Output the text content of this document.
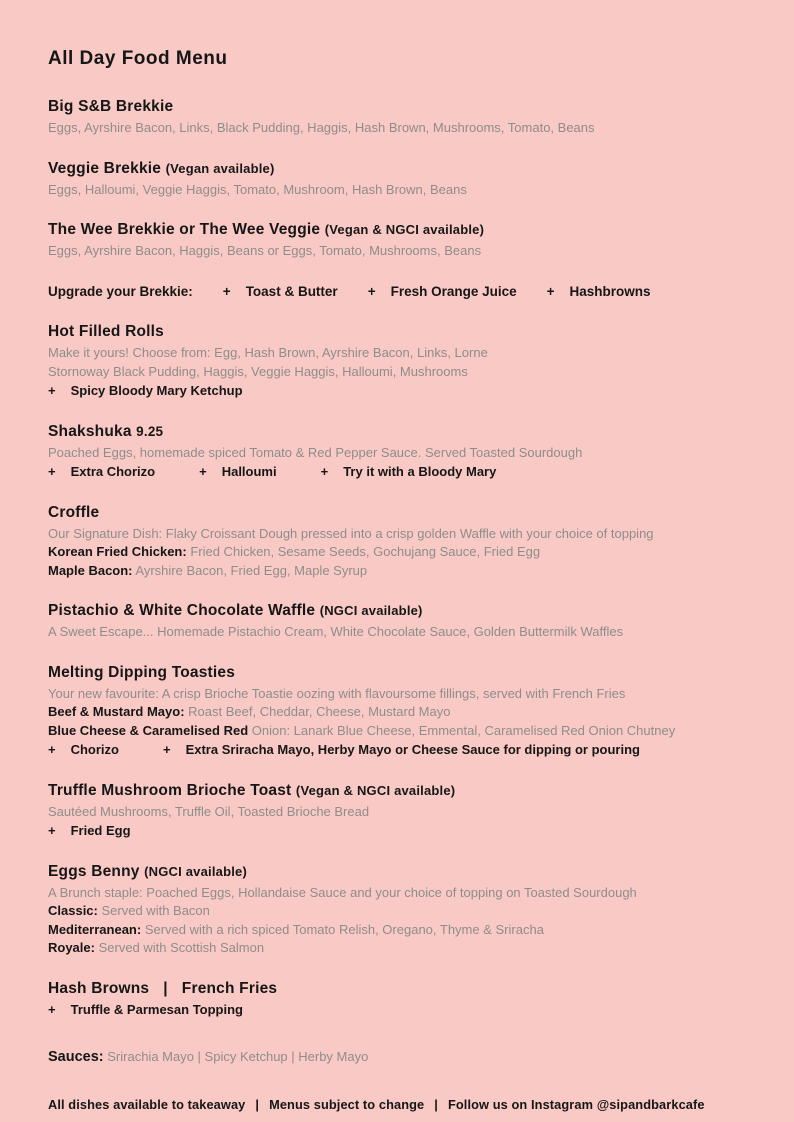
All Day Food Menu
Big S&B Brekkie

Eggs, Ayrshire Bacon, Links, Black Pudding, Haggis, Hash Brown, Mushrooms, Tomato, Beans

Veggie Brekkie (Vegan available)

Eggs, Halloumi, Veggie Haggis, Tomato, Mushroom, Hash Brown, Beans

The Wee Brekkie or The Wee Veggie (Vegan & NGCI available)

Eggs, Ayrshire Bacon, Haggis, Beans or Eggs, Tomato, Mushrooms, Beans

Upgrade your Brekkie: + Toast & Butter + Fresh Orange Juice + Hashbrowns
Hot Filled Rolls

Make it yours! Choose from: Egg, Hash Brown, Ayrshire Bacon, Links, Lorne

Stornoway Black Pudding, Haggis, Veggie Haggis, Halloumi, Mushrooms

+ Spicy Bloody Mary Ketchup
Shakshuka 9.25

Poached Eggs, homemade spiced Tomato & Red Pepper Sauce. Served Toasted Sourdough

+ Extra Chorizo	+ Halloumi	+ Try it with a Bloody Mary
Croffle

Our Signature Dish: Flaky Croissant Dough pressed into a crisp golden Waffle with your choice of topping

Korean Fried Chicken: Fried Chicken, Sesame Seeds, Gochujang Sauce, Fried Egg

Maple Bacon: Ayrshire Bacon, Fried Egg, Maple Syrup

Pistachio & White Chocolate Waffle (NGCI available)

A Sweet Escape... Homemade Pistachio Cream, White Chocolate Sauce, Golden Buttermilk Waffles

Melting Dipping Toasties

Your new favourite: A crisp Brioche Toastie oozing with flavoursome fillings, served with French Fries

Beef & Mustard Mayo: Roast Beef, Cheddar, Cheese, Mustard Mayo

Blue Cheese & Caramelised Red Onion: Lanark Blue Cheese, Emmental, Caramelised Red Onion Chutney

+ Chorizo	+ Extra Sriracha Mayo, Herby Mayo or Cheese Sauce for dipping or pouring
Truffle Mushroom Brioche Toast (Vegan & NGCI available)

Sautéed Mushrooms, Truffle Oil, Toasted Brioche Bread

+ Fried Egg
Eggs Benny (NGCI available)

A Brunch staple: Poached Eggs, Hollandaise Sauce and your choice of topping on Toasted Sourdough

Classic: Served with Bacon

Mediterranean: Served with a rich spiced Tomato Relish, Oregano, Thyme & Sriracha

Royale: Served with Scottish Salmon

Hash Browns | French Fries
+ Truffle & Parmesan Topping
Sauces: Srirachia Mayo | Spicy Ketchup | Herby Mayo
All dishes available to takeaway | Menus subject to change | Follow us on Instagram @sipandbarkcafe
